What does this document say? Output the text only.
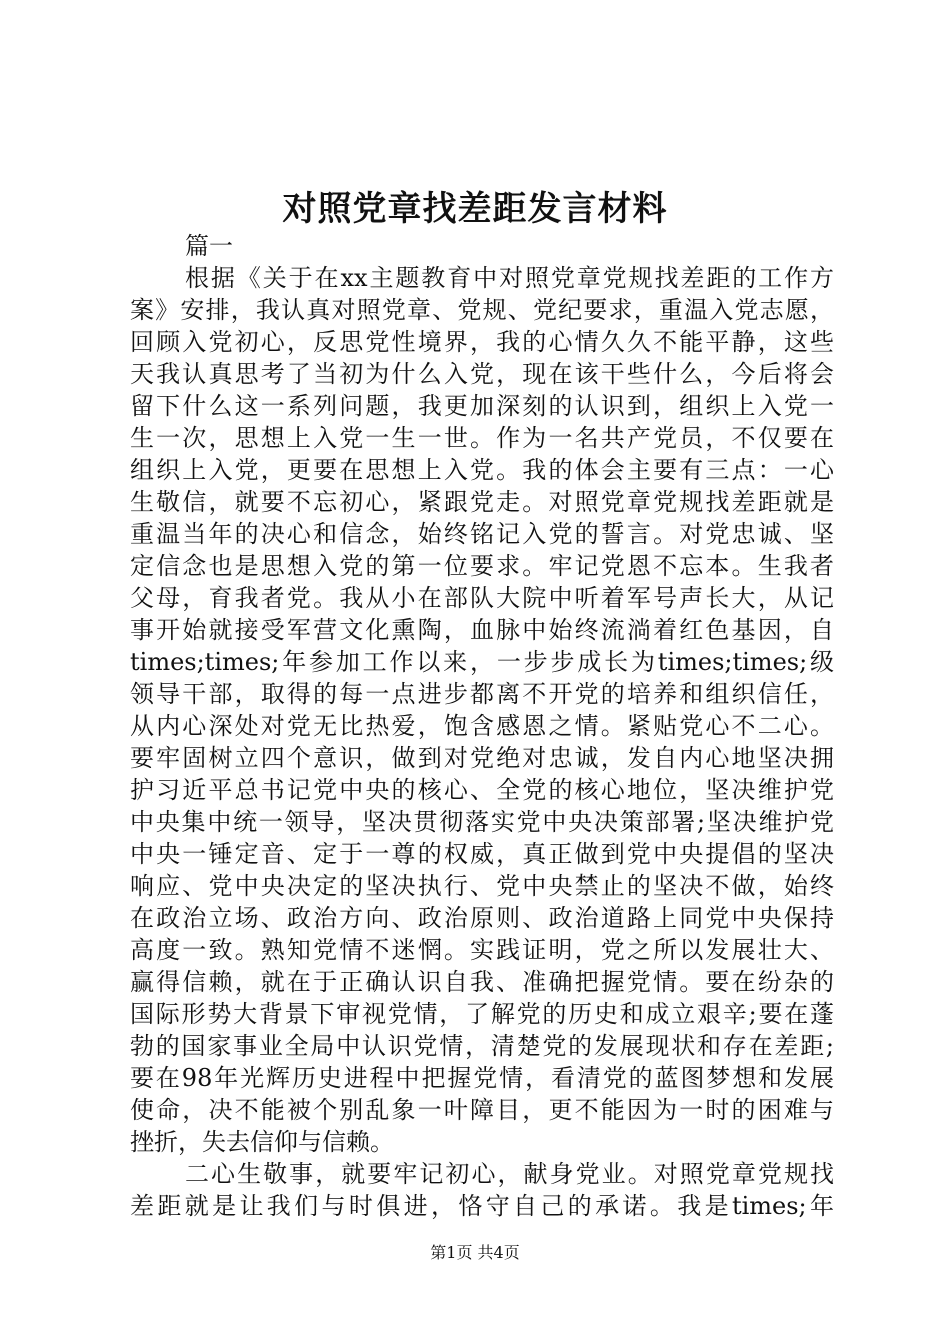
对照党章找差距发言材料
篇一
根据《关于在xx主题教育中对照党章党规找差距的工作方
案》安排，我认真对照党章、党规、党纪要求，重温入党志愿，
回顾入党初心，反思党性境界，我的心情久久不能平静，这些
天我认真思考了当初为什么入党，现在该干些什么，今后将会
留下什么这一系列问题，我更加深刻的认识到，组织上入党一
生一次，思想上入党一生一世。作为一名共产党员，不仅要在
组织上入党，更要在思想上入党。我的体会主要有三点：一心
生敬信，就要不忘初心，紧跟党走。对照党章党规找差距就是
重温当年的决心和信念，始终铭记入党的誓言。对党忠诚、坚
定信念也是思想入党的第一位要求。牢记党恩不忘本。生我者
父母，育我者党。我从小在部队大院中听着军号声长大，从记
事开始就接受军营文化熏陶，血脉中始终流淌着红色基因，自
times;times;年参加工作以来，一步步成长为times;times;级
领导干部，取得的每一点进步都离不开党的培养和组织信任，
从内心深处对党无比热爱，饱含感恩之情。紧贴党心不二心。
要牢固树立四个意识，做到对党绝对忠诚，发自内心地坚决拥
护习近平总书记党中央的核心、全党的核心地位，坚决维护党
中央集中统一领导，坚决贯彻落实党中央决策部署;坚决维护党
中央一锤定音、定于一尊的权威，真正做到党中央提倡的坚决
响应、党中央决定的坚决执行、党中央禁止的坚决不做，始终
在政治立场、政治方向、政治原则、政治道路上同党中央保持
高度一致。熟知党情不迷惘。实践证明，党之所以发展壮大、
赢得信赖，就在于正确认识自我、准确把握党情。要在纷杂的
国际形势大背景下审视党情，了解党的历史和成立艰辛;要在蓬
勃的国家事业全局中认识党情，清楚党的发展现状和存在差距;
要在98年光辉历史进程中把握党情，看清党的蓝图梦想和发展
使命，决不能被个别乱象一叶障目，更不能因为一时的困难与
挫折，失去信仰与信赖。
二心生敬事，就要牢记初心，献身党业。对照党章党规找
差距就是让我们与时俱进，恪守自己的承诺。我是times;年
第1页 共4页
